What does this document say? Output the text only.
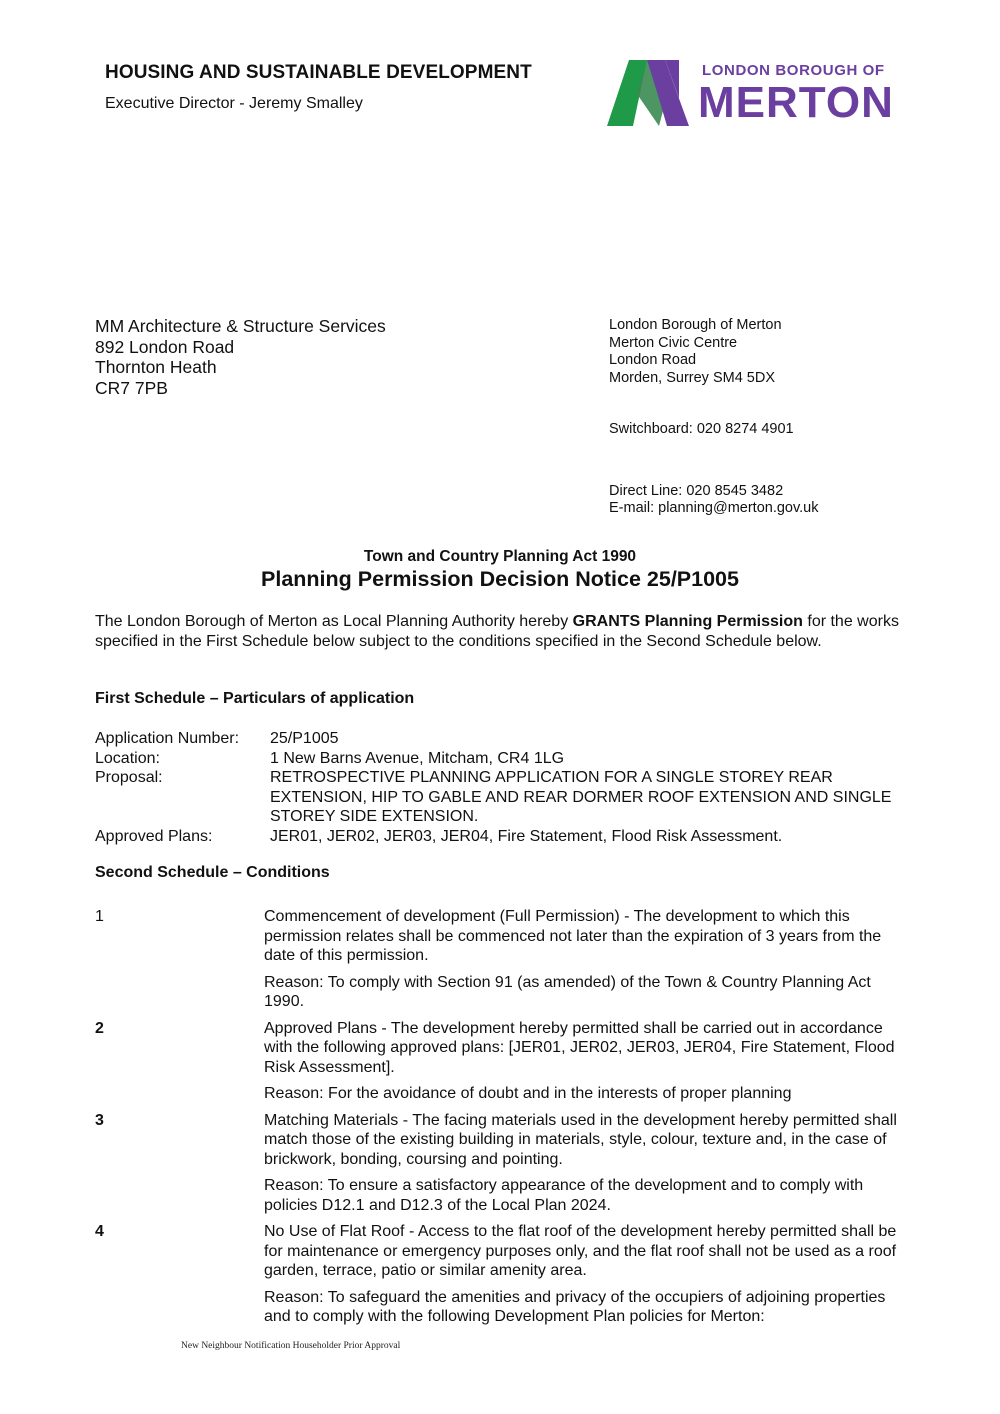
HOUSING AND SUSTAINABLE DEVELOPMENT
Executive Director - Jeremy Smalley
LONDON BOROUGH OF
MERTON
MM Architecture & Structure Services
892 London Road
Thornton Heath
CR7 7PB
London Borough of Merton
Merton Civic Centre
London Road
Morden, Surrey SM4 5DX
Switchboard: 020 8274 4901
Direct Line: 020 8545 3482
E-mail: planning@merton.gov.uk
Town and Country Planning Act 1990
Planning Permission Decision Notice 25/P1005
The London Borough of Merton as Local Planning Authority hereby GRANTS Planning Permission for the works specified in the First Schedule below subject to the conditions specified in the Second Schedule below.
First Schedule – Particulars of application
Application Number:	25/P1005
Location:	1 New Barns Avenue, Mitcham, CR4 1LG
Proposal:	RETROSPECTIVE PLANNING APPLICATION FOR A SINGLE STOREY REAR EXTENSION, HIP TO GABLE AND REAR DORMER ROOF EXTENSION AND SINGLE STOREY SIDE EXTENSION.
Approved Plans:	JER01, JER02, JER03, JER04, Fire Statement, Flood Risk Assessment.
Second Schedule – Conditions
1	Commencement of development (Full Permission) - The development to which this permission relates shall be commenced not later than the expiration of 3 years from the date of this permission.

Reason: To comply with Section 91 (as amended) of the Town & Country Planning Act 1990.

2	Approved Plans - The development hereby permitted shall be carried out in accordance with the following approved plans: [JER01, JER02, JER03, JER04, Fire Statement, Flood Risk Assessment].

Reason: For the avoidance of doubt and in the interests of proper planning

3	Matching Materials - The facing materials used in the development hereby permitted shall match those of the existing building in materials, style, colour, texture and, in the case of brickwork, bonding, coursing and pointing.

Reason: To ensure a satisfactory appearance of the development and to comply with policies D12.1 and D12.3 of the Local Plan 2024.

4	No Use of Flat Roof - Access to the flat roof of the development hereby permitted shall be for maintenance or emergency purposes only, and the flat roof shall not be used as a roof garden, terrace, patio or similar amenity area.

Reason: To safeguard the amenities and privacy of the occupiers of adjoining properties and to comply with the following Development Plan policies for Merton:

New Neighbour Notification Householder Prior Approval
